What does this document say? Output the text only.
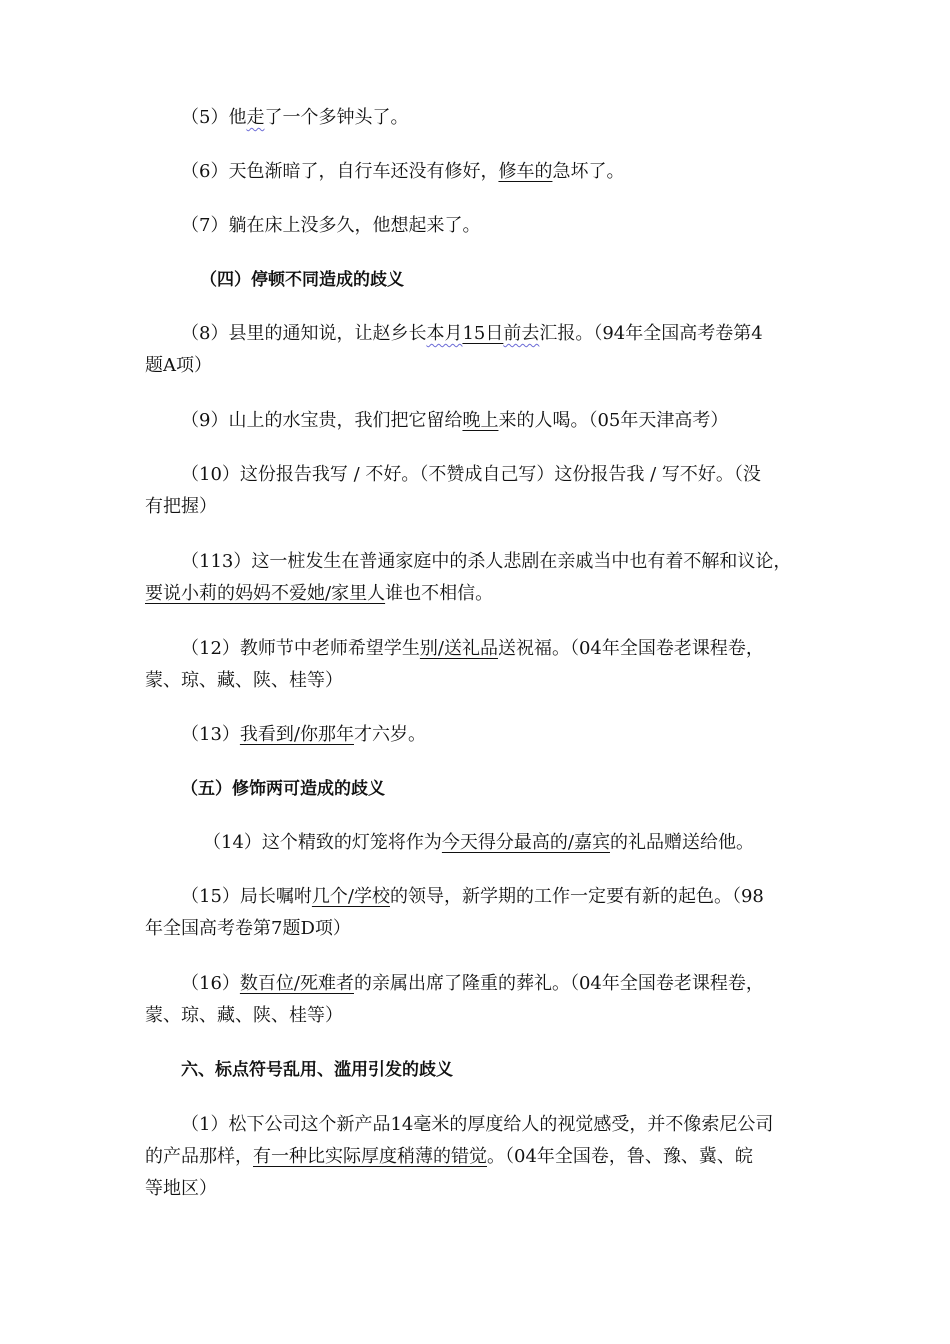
（5）他走了一个多钟头了。
（6）天色渐暗了，自行车还没有修好，修车的急坏了。
（7）躺在床上没多久，他想起来了。
（四）停顿不同造成的歧义
（8）县里的通知说，让赵乡长本月15日前去汇报。（94年全国高考卷第4
题A项）
（9）山上的水宝贵，我们把它留给晚上来的人喝。（05年天津高考）
（10）这份报告我写 / 不好。（不赞成自己写）这份报告我 / 写不好。（没
有把握）
（113）这一桩发生在普通家庭中的杀人悲剧在亲戚当中也有着不解和议论，
要说小莉的妈妈不爱她/家里人谁也不相信。
（12）教师节中老师希望学生别/送礼品送祝福。（04年全国卷老课程卷，
蒙、琼、藏、陕、桂等）
（13）我看到/你那年才六岁。
（五）修饰两可造成的歧义
（14）这个精致的灯笼将作为今天得分最高的/嘉宾的礼品赠送给他。
（15）局长嘱咐几个/学校的领导，新学期的工作一定要有新的起色。（98
年全国高考卷第7题D项）
（16）数百位/死难者的亲属出席了隆重的葬礼。（04年全国卷老课程卷，
蒙、琼、藏、陕、桂等）
六、标点符号乱用、滥用引发的歧义
（1）松下公司这个新产品14毫米的厚度给人的视觉感受，并不像索尼公司
的产品那样，有一种比实际厚度稍薄的错觉。（04年全国卷，鲁、豫、冀、皖
等地区）
